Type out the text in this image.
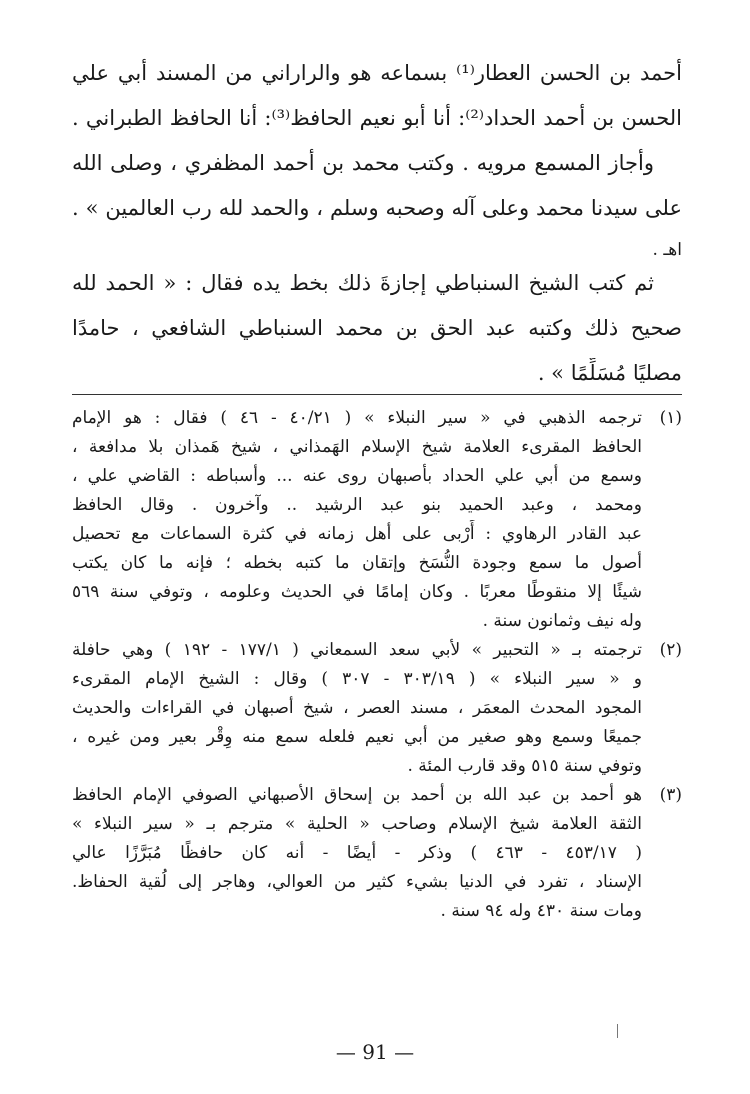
أحمد بن الحسن العطار⁽¹⁾ بسماعه هو والراراني من المسند أبي علي
الحسن بن أحمد الحداد⁽²⁾: أنا أبو نعيم الحافظ⁽³⁾: أنا الحافظ الطبراني .
وأجاز المسمع مرويه . وكتب محمد بن أحمد المظفري ، وصلى الله
على سيدنا محمد وعلى آله وصحبه وسلم ، والحمد لله رب العالمين » .
اهـ .
ثم كتب الشيخ السنباطي إجازةَ ذلك بخط يده فقال : « الحمد لله
صحيح ذلك وكتبه عبد الحق بن محمد السنباطي الشافعي ، حامدًا
مصليًا مُسَلِّمًا » .
(١)
ترجمه الذهبي في « سير النبلاء » ( ٤٠/٢١ - ٤٦ ) فقال : هو الإمام
الحافظ المقرىء العلامة شيخ الإسلام الهَمذاني ، شيخ هَمذان بلا مدافعة ،
وسمع من أبي علي الحداد بأصبهان روى عنه ... وأسباطه : القاضي علي ،
ومحمد ، وعبد الحميد بنو عبد الرشيد .. وآخرون . وقال الحافظ
عبد القادر الرهاوي : أَرْبى على أهل زمانه في كثرة السماعات مع تحصيل
أصول ما سمع وجودة النُّسَخ وإتقان ما كتبه بخطه ؛ فإنه ما كان يكتب
شيئًا إلا منقوطًا معربًا . وكان إمامًا في الحديث وعلومه ، وتوفي سنة ٥٦٩
وله نيف وثمانون سنة .
(٢)
ترجمته بـ « التحبير » لأبي سعد السمعاني ( ١٧٧/١ - ١٩٢ ) وهي حافلة
و « سير النبلاء » ( ٣٠٣/١٩ - ٣٠٧ ) وقال : الشيخ الإمام المقرىء
المجود المحدث المعمَر ، مسند العصر ، شيخ أصبهان في القراءات والحديث
جميعًا وسمع وهو صغير من أبي نعيم فلعله سمع منه وِقْر بعير ومن غيره ،
وتوفي سنة ٥١٥ وقد قارب المئة .
(٣)
هو أحمد بن عبد الله بن أحمد بن إسحاق الأصبهاني الصوفي الإمام الحافظ
الثقة العلامة شيخ الإسلام وصاحب « الحلية » مترجم بـ « سير النبلاء »
( ٤٥٣/١٧ - ٤٦٣ ) وذكر - أيضًا - أنه كان حافظًا مُبَرَّزًا عالي
الإسناد ، تفرد في الدنيا بشيء كثير من العوالي، وهاجر إلى لُقية الحفاظ.
ومات سنة ٤٣٠ وله ٩٤ سنة .
— 91 —
